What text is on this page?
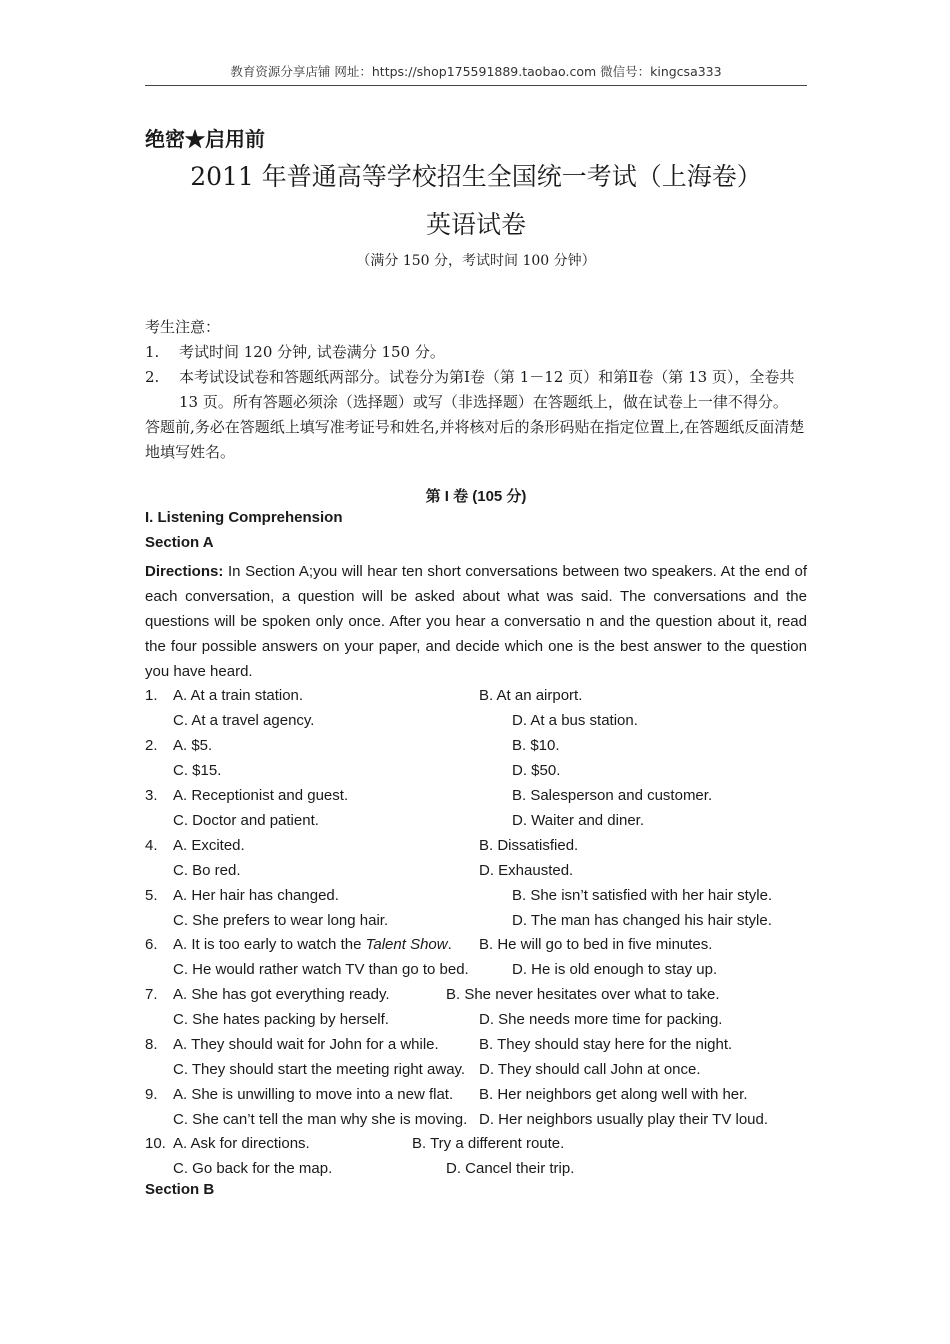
教育资源分享店铺 网址：https://shop175591889.taobao.com 微信号：kingcsa333
绝密★启用前
2011 年普通高等学校招生全国统一考试（上海卷）
英语试卷
（满分 150 分，考试时间 100 分钟）
考生注意：
1.	考试时间 120 分钟, 试卷满分 150 分。
2.	本考试设试卷和答题纸两部分。试卷分为第Ⅰ卷（第 1－12 页）和第Ⅱ卷（第 13 页），全卷共 13 页。所有答题必须涂（选择题）或写（非选择题）在答题纸上，做在试卷上一律不得分。
答题前,务必在答题纸上填写准考证号和姓名,并将核对后的条形码贴在指定位置上,在答题纸反面清楚地填写姓名。
第 I 卷 (105 分)
I. Listening Comprehension
Section A
Directions: In Section A;you will hear ten short conversations between two speakers. At the end of each conversation, a question will be asked about what was said. The conversations and the questions will be spoken only once. After you hear a conversatio n and the question about it, read the four possible answers on your paper, and decide which one is the best answer to the question you have heard.
1. A. At a train station.	B. At an airport.
C. At a travel agency.	D. At a bus station.
2. A. $5.	B. $10.
C. $15.	D. $50.
3. A. Receptionist and guest.	B. Salesperson and customer.
C. Doctor and patient.	D. Waiter and diner.
4. A. Excited.	B. Dissatisfied.
C. Bo red.	D. Exhausted.
5. A. Her hair has changed.	B. She isn’t satisfied with her hair style.
C. She prefers to wear long hair.	D. The man has changed his hair style.
6. A. It is too early to watch the Talent Show. B. He will go to bed in five minutes.
C. He would rather watch TV than go to bed.	D. He is old enough to stay up.
7. A. She has got everything ready.	B. She never hesitates over what to take.
C. She hates packing by herself.	D. She needs more time for packing.
8. A. They should wait for John for a while.	B. They should stay here for the night.
C. They should start the meeting right away. D. They should call John at once.
9. A. She is unwilling to move into a new flat. B. Her neighbors get along well with her.
C. She can’t tell the man why she is moving. D. Her neighbors usually play their TV loud.
10. A. Ask for directions.	B. Try a different route.
C. Go back for the map.	D. Cancel their trip.
Section B
